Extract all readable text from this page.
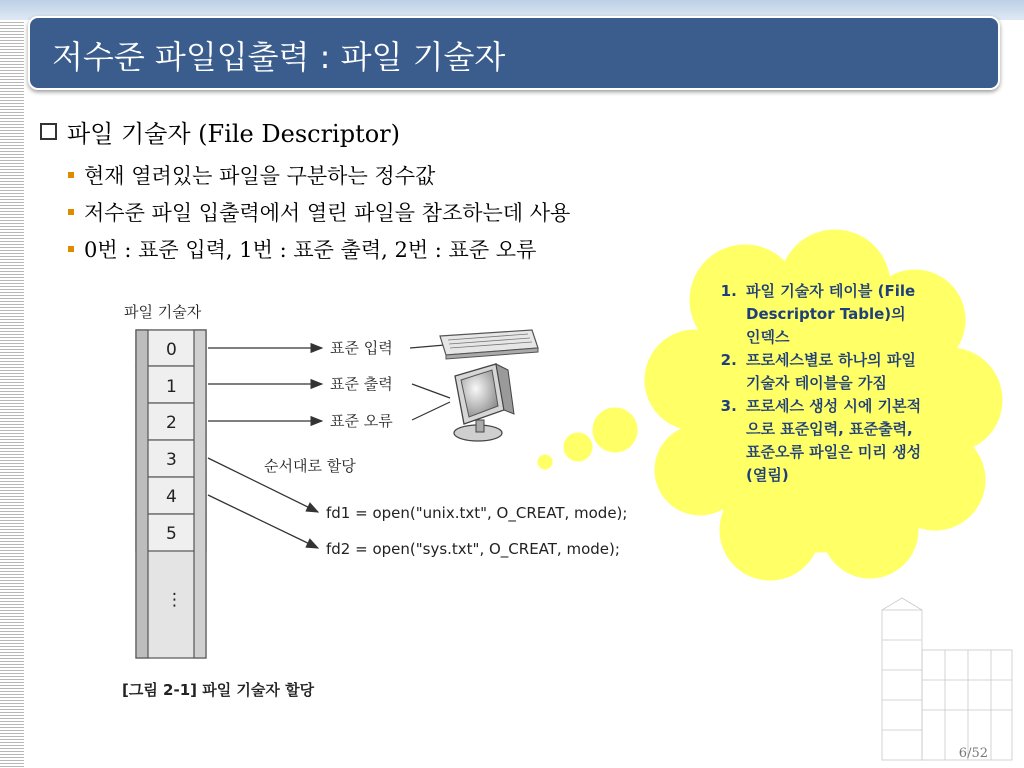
저수준 파일입출력 : 파일 기술자
파일 기술자 (File Descriptor)
현재 열려있는 파일을 구분하는 정수값
저수준 파일 입출력에서 열린 파일을 참조하는데 사용
0번 : 표준 입력, 1번 : 표준 출력, 2번 : 표준 오류
파일 기술자
0
1
2
3
4
5
⋮
표준 입력
표준 출력
표준 오류
순서대로 할당
fd1 = open("unix.txt", O_CREAT, mode);
fd2 = open("sys.txt", O_CREAT, mode);
[그림 2-1] 파일 기술자 할당
1. 파일 기술자 테이블 (File Descriptor Table)의 인덱스
2. 프로세스별로 하나의 파일 기술자 테이블을 가짐
3. 프로세스 생성 시에 기본적으로 표준입력, 표준출력, 표준오류 파일은 미리 생성(열림)
6/52
